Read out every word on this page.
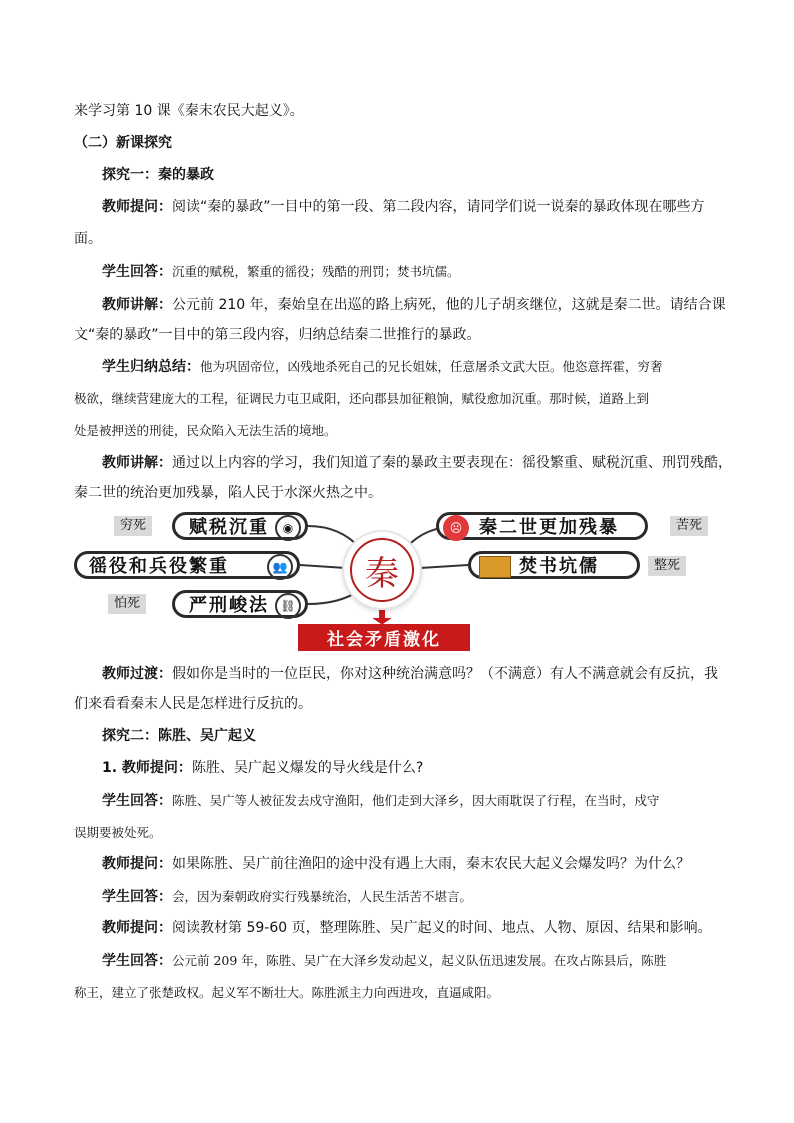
来学习第 10 课《秦末农民大起义》。
（二）新课探究
探究一：秦的暴政
教师提问：阅读“秦的暴政”一目中的第一段、第二段内容，请同学们说一说秦的暴政体现在哪些方
面。
学生回答：沉重的赋税，繁重的徭役；残酷的刑罚；焚书坑儒。
教师讲解：公元前 210 年，秦始皇在出巡的路上病死，他的儿子胡亥继位，这就是秦二世。请结合课
文“秦的暴政”一目中的第三段内容，归纳总结秦二世推行的暴政。
学生归纳总结：他为巩固帝位，凶残地杀死自己的兄长姐妹，任意屠杀文武大臣。他恣意挥霍，穷奢
极欲，继续营建庞大的工程，征调民力屯卫咸阳，还向郡县加征粮饷，赋役愈加沉重。那时候，道路上到
处是被押送的刑徒，民众陷入无法生活的境地。
教师讲解：通过以上内容的学习，我们知道了秦的暴政主要表现在：徭役繁重、赋税沉重、刑罚残酷，
秦二世的统治更加残暴，陷人民于水深火热之中。
穷死	赋税沉重	◉
徭役和兵役繁重	👥
怕死	严刑峻法 ⛓
秦
☹ 秦二世更加残暴	苦死
焚书坑儒	整死
社会矛盾激化
教师过渡：假如你是当时的一位臣民，你对这种统治满意吗？（不满意）有人不满意就会有反抗，我
们来看看秦末人民是怎样进行反抗的。
探究二：陈胜、吴广起义
1. 教师提问：陈胜、吴广起义爆发的导火线是什么?
学生回答：陈胜、吴广等人被征发去戍守渔阳，他们走到大泽乡，因大雨耽误了行程，在当时，戍守
误期要被处死。
教师提问：如果陈胜、吴广前往渔阳的途中没有遇上大雨，秦末农民大起义会爆发吗？为什么？
学生回答：会，因为秦朝政府实行残暴统治，人民生活苦不堪言。
教师提问：阅读教材第 59-60 页，整理陈胜、吴广起义的时间、地点、人物、原因、结果和影响。
学生回答：公元前 209 年，陈胜、吴广在大泽乡发动起义，起义队伍迅速发展。在攻占陈县后，陈胜
称王，建立了张楚政权。起义军不断壮大。陈胜派主力向西进攻，直逼咸阳。
